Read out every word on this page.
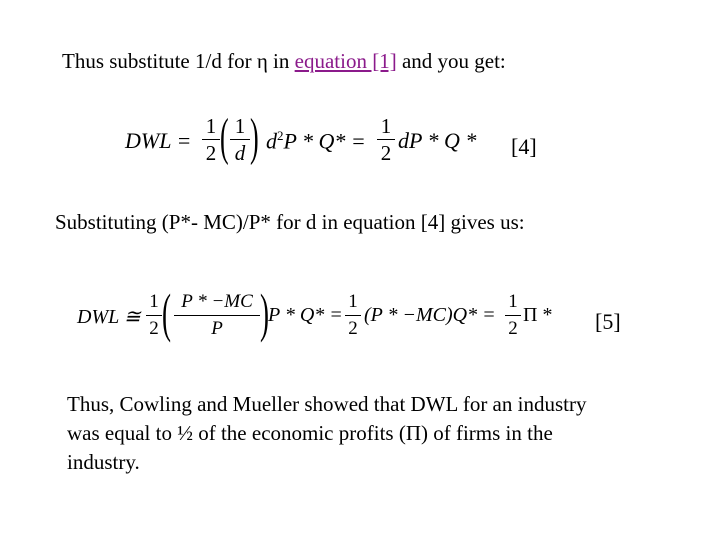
Thus substitute 1/d for η in equation [1] and you get:
DWL =
1
2 ( 1
d ) $d^2P * Q*$ =
1
2 dP * Q * [4]
Substituting (P*- MC)/P* for d in equation [4] gives us:
DWL ≅
1
2 ( P * −MC
P ) P * Q* =
1
2
(P * −MC)Q* =
1
2
Π * [5]
Thus, Cowling and Mueller showed that DWL for an industry
was equal to ½ of the economic profits (Π) of firms in the
industry.
